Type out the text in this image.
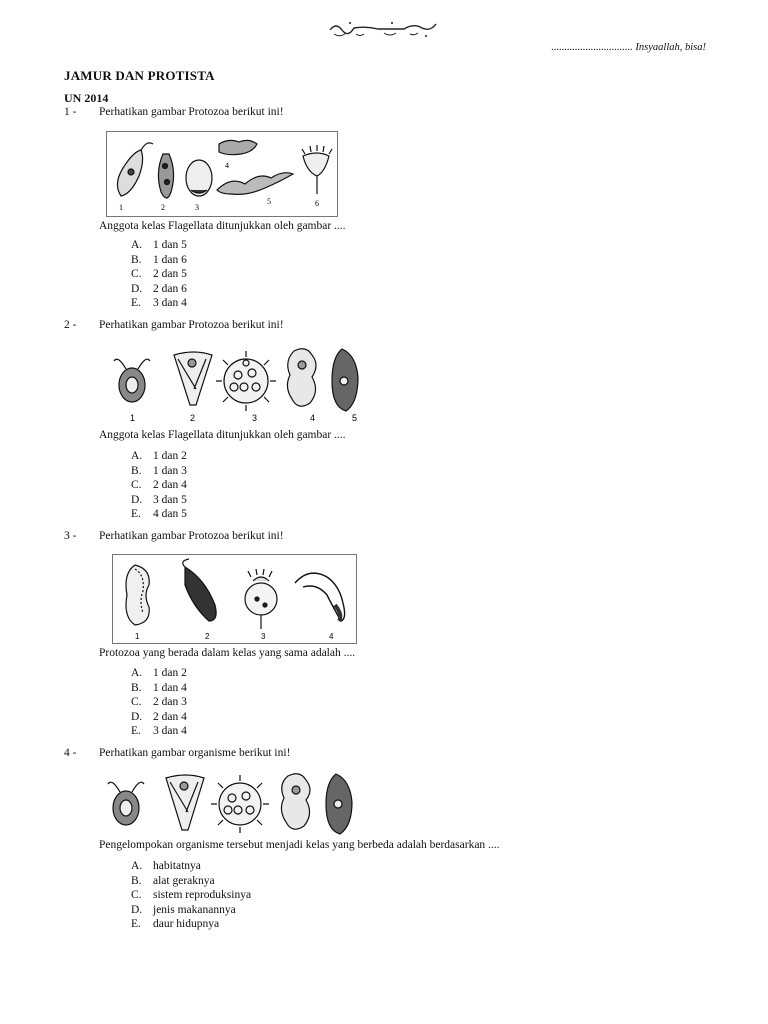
............................... Insyaallah, bisa!
JAMUR DAN PROTISTA
UN 2014
1 - Perhatikan gambar Protozoa berikut ini!
1	2	3
4
5	6
Anggota kelas Flagellata ditunjukkan oleh gambar ....
A. 1 dan 5
B. 1 dan 6
C. 2 dan 5
D. 2 dan 6
E. 3 dan 4
2 - Perhatikan gambar Protozoa berikut ini!
1	2	3	4	5
Anggota kelas Flagellata ditunjukkan oleh gambar ....
A. 1 dan 2
B. 1 dan 3
C. 2 dan 4
D. 3 dan 5
E. 4 dan 5
3 - Perhatikan gambar Protozoa berikut ini!
1	2	3	4
Protozoa yang berada dalam kelas yang sama adalah ....
A. 1 dan 2
B. 1 dan 4
C. 2 dan 3
D. 2 dan 4
E. 3 dan 4
4 - Perhatikan gambar organisme berikut ini!
Pengelompokan organisme tersebut menjadi kelas yang berbeda adalah berdasarkan ....
A. habitatnya
B. alat geraknya
C. sistem reproduksinya
D. jenis makanannya
E. daur hidupnya
